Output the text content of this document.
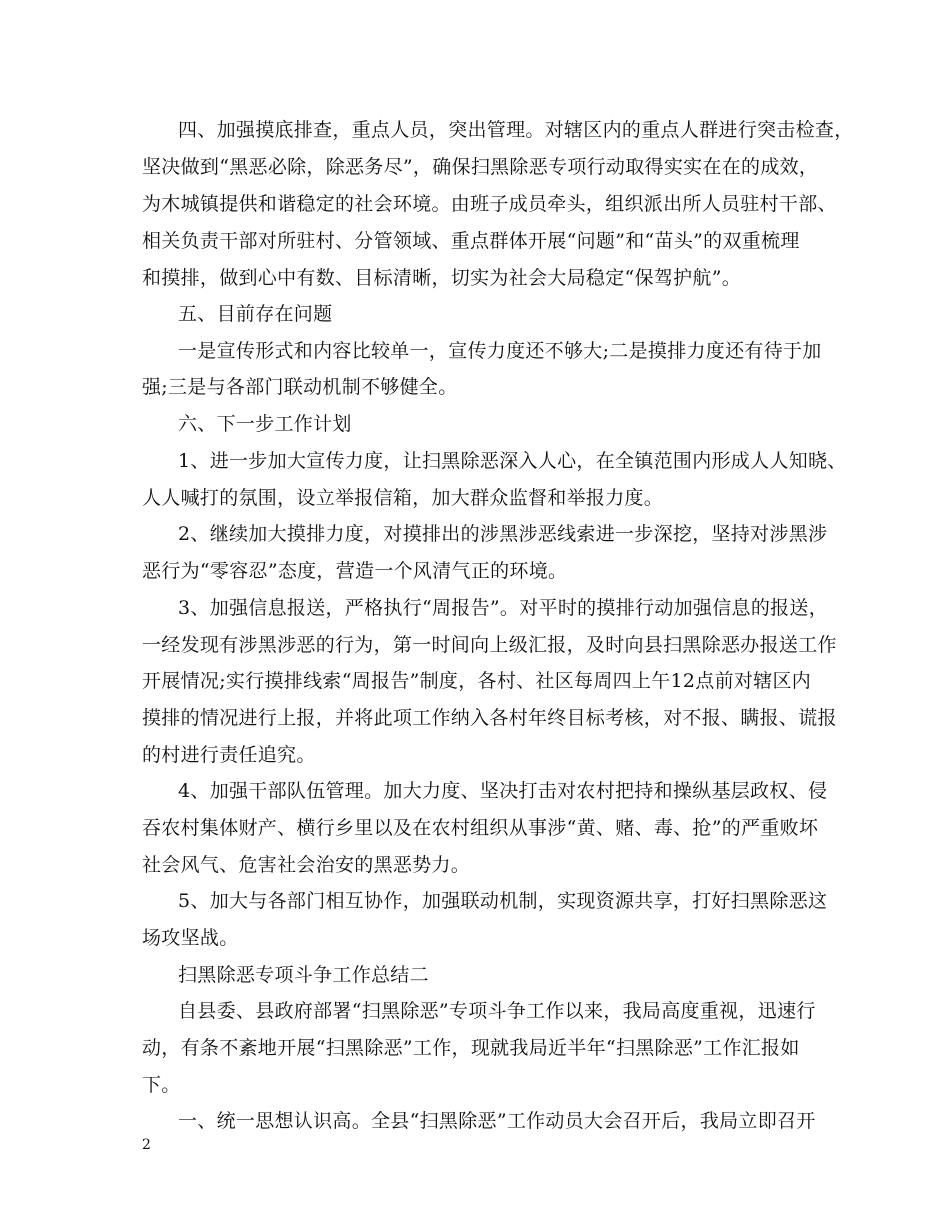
四、加强摸底排查，重点人员，突出管理。对辖区内的重点人群进行突击检查，
坚决做到“黑恶必除，除恶务尽”，确保扫黑除恶专项行动取得实实在在的成效，
为木城镇提供和谐稳定的社会环境。由班子成员牵头，组织派出所人员驻村干部、
相关负责干部对所驻村、分管领域、重点群体开展“问题”和“苗头”的双重梳理
和摸排，做到心中有数、目标清晰，切实为社会大局稳定“保驾护航”。
五、目前存在问题
一是宣传形式和内容比较单一，宣传力度还不够大;二是摸排力度还有待于加
强;三是与各部门联动机制不够健全。
六、下一步工作计划
1、进一步加大宣传力度，让扫黑除恶深入人心，在全镇范围内形成人人知晓、
人人喊打的氛围，设立举报信箱，加大群众监督和举报力度。
2、继续加大摸排力度，对摸排出的涉黑涉恶线索进一步深挖，坚持对涉黑涉
恶行为“零容忍”态度，营造一个风清气正的环境。
3、加强信息报送，严格执行“周报告”。对平时的摸排行动加强信息的报送，
一经发现有涉黑涉恶的行为，第一时间向上级汇报，及时向县扫黑除恶办报送工作
开展情况;实行摸排线索“周报告”制度，各村、社区每周四上午12点前对辖区内
摸排的情况进行上报，并将此项工作纳入各村年终目标考核，对不报、瞒报、谎报
的村进行责任追究。
4、加强干部队伍管理。加大力度、坚决打击对农村把持和操纵基层政权、侵
吞农村集体财产、横行乡里以及在农村组织从事涉“黄、赌、毒、抢”的严重败坏
社会风气、危害社会治安的黑恶势力。
5、加大与各部门相互协作，加强联动机制，实现资源共享，打好扫黑除恶这
场攻坚战。
扫黑除恶专项斗争工作总结二
自县委、县政府部署“扫黑除恶”专项斗争工作以来，我局高度重视，迅速行
动，有条不紊地开展“扫黑除恶”工作，现就我局近半年“扫黑除恶”工作汇报如
下。
一、统一思想认识高。全县“扫黑除恶”工作动员大会召开后，我局立即召开
2
